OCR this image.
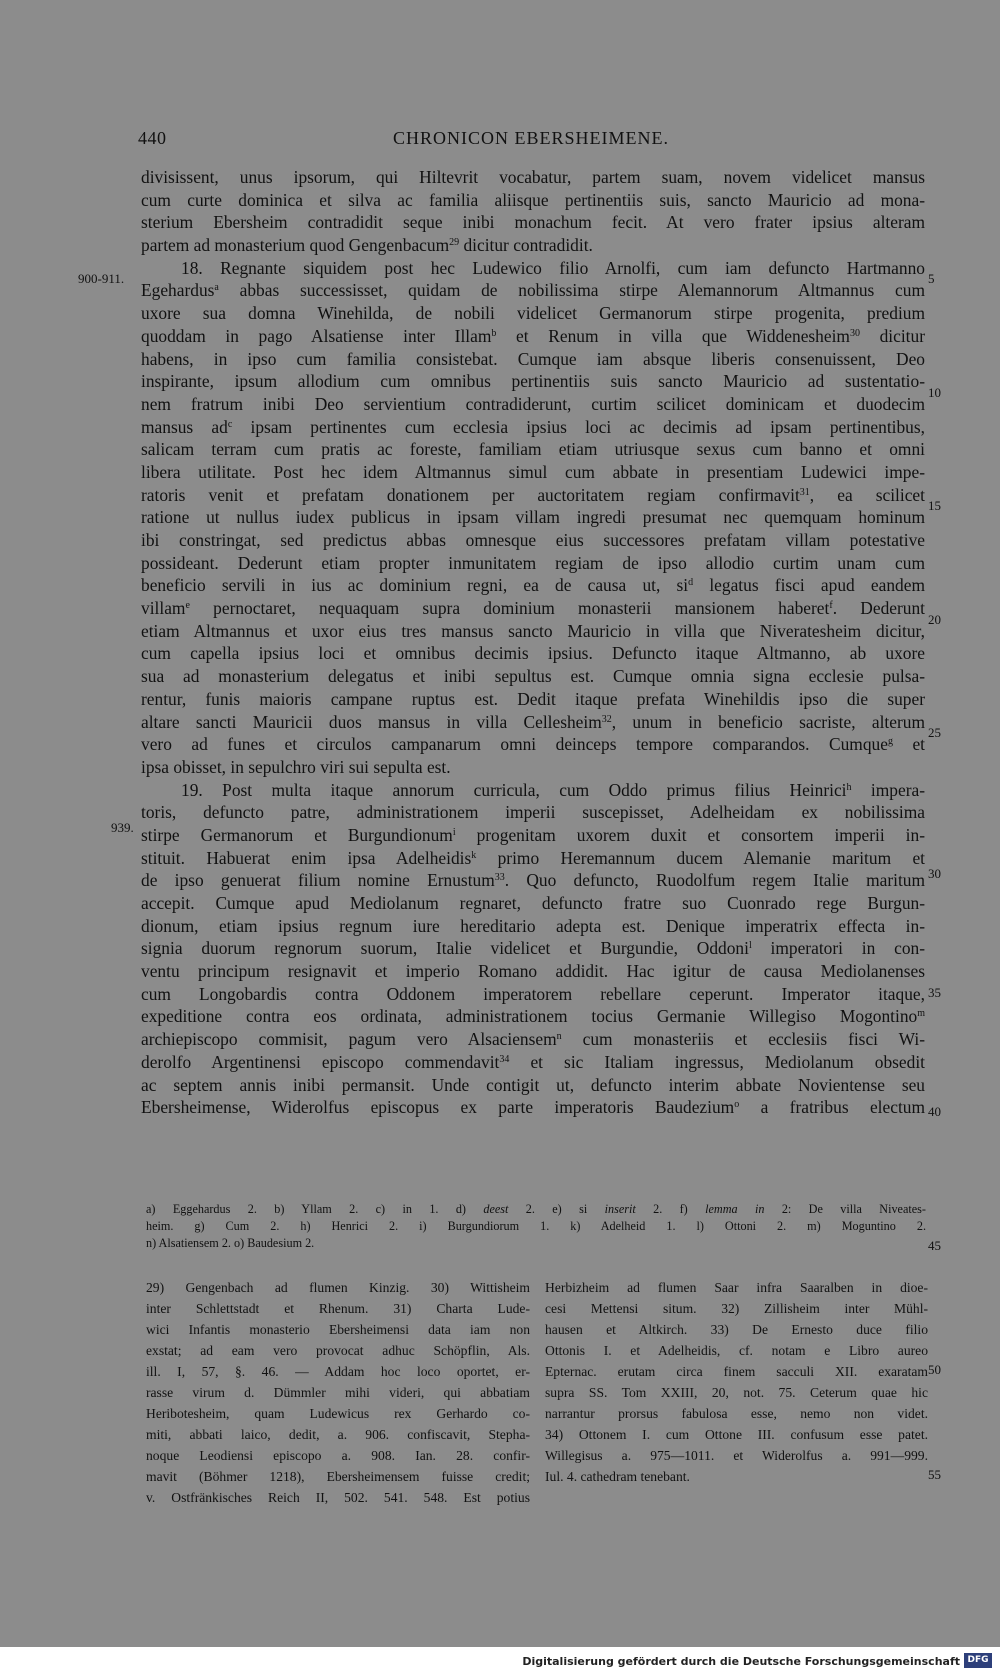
440	CHRONICON EBERSHEIMENE.
900-911.
939.
5
10
15
20
25
30
35
40
45
50
55
divisissent, unus ipsorum, qui Hiltevrit vocabatur, partem suam, novem videlicet mansus
cum curte dominica et silva ac familia aliisque pertinentiis suis, sancto Mauricio ad mona-
sterium Ebersheim contradidit seque inibi monachum fecit. At vero frater ipsius alteram
partem ad monasterium quod Gengenbacum$^{29}$ dicitur contradidit.
18. Regnante siquidem post hec Ludewico filio Arnolfi, cum iam defuncto Hartmanno
Egehardus$^a$ abbas successisset, quidam de nobilissima stirpe Alemannorum Altmannus cum
uxore sua domna Winehilda, de nobili videlicet Germanorum stirpe progenita, predium
quoddam in pago Alsatiense inter Illam$^b$ et Renum in villa que Widdenesheim$^{30}$ dicitur
habens, in ipso cum familia consistebat. Cumque iam absque liberis consenuissent, Deo
inspirante, ipsum allodium cum omnibus pertinentiis suis sancto Mauricio ad sustentatio-
nem fratrum inibi Deo servientium contradiderunt, curtim scilicet dominicam et duodecim
mansus $ad^c$ ipsam pertinentes cum ecclesia ipsius loci ac decimis ad ipsam pertinentibus,
salicam terram cum pratis ac foreste, familiam etiam utriusque sexus cum banno et omni
libera utilitate. Post hec idem Altmannus simul cum abbate in presentiam Ludewici impe-
ratoris venit et prefatam donationem per auctoritatem regiam confirmavit$^{31}$, ea scilicet
ratione ut nullus iudex publicus in ipsam villam ingredi presumat nec quemquam hominum
ibi constringat, sed predictus abbas omnesque eius successores prefatam villam potestative
possideant. Dederunt etiam propter inmunitatem regiam de ipso allodio curtim unam cum
beneficio servili in ius ac dominium regni, ea de causa ut, $si^d$ legatus fisci apud eandem
villam$^e$ pernoctaret, nequaquam supra dominium monasterii mansionem haberet$^f$. Dederunt
etiam Altmannus et uxor eius tres mansus sancto Mauricio in villa que Niveratesheim dicitur,
cum capella ipsius loci et omnibus decimis ipsius. Defuncto itaque Altmanno, ab uxore
sua ad monasterium delegatus et inibi sepultus est. Cumque omnia signa ecclesie pulsa-
rentur, funis maioris campane ruptus est. Dedit itaque prefata Winehildis ipso die super
altare sancti Mauricii duos mansus in villa Cellesheim$^{32}$, unum in beneficio sacriste, alterum
vero ad funes et circulos campanarum omni deinceps tempore comparandos. Cumque$^g$ et
ipsa obisset, in sepulchro viri sui sepulta est.
19. Post multa itaque annorum curricula, cum Oddo primus filius Heinrici$^h$ impera-
toris, defuncto patre, administrationem imperii suscepisset, Adelheidam ex nobilissima
stirpe Germanorum et Burgundionum$^i$ progenitam uxorem duxit et consortem imperii in-
stituit. Habuerat enim ipsa Adelheidis$^k$ primo Heremannum ducem Alemanie maritum et
de ipso genuerat filium nomine Ernustum$^{33}$. Quo defuncto, Ruodolfum regem Italie maritum
accepit. Cumque apud Mediolanum regnaret, defuncto fratre suo Cuonrado rege Burgun-
dionum, etiam ipsius regnum iure hereditario adepta est. Denique imperatrix effecta in-
signia duorum regnorum suorum, Italie videlicet et Burgundie, Oddoni$^l$ imperatori in con-
ventu principum resignavit et imperio Romano addidit. Hac igitur de causa Mediolanenses
cum Longobardis contra Oddonem imperatorem rebellare ceperunt. Imperator itaque,
expeditione contra eos ordinata, administrationem tocius Germanie Willegiso Mogontino$^m$
archiepiscopo commisit, pagum vero Alsaciensem$^n$ cum monasteriis et ecclesiis fisci Wi-
derolfo Argentinensi episcopo commendavit$^{34}$ et sic Italiam ingressus, Mediolanum obsedit
ac septem annis inibi permansit. Unde contigit ut, defuncto interim abbate Novientense seu
Ebersheimense, Widerolfus episcopus ex parte imperatoris Baudezium$^o$ a fratribus electum
a) Eggehardus 2. b) Yllam 2. c) in 1. d) deest 2. e) si inserit 2. f) lemma in 2: De villa Niveates-
heim. g) Cum 2. h) Henrici 2. i) Burgundiorum 1. k) Adelheid 1. l) Ottoni 2. m) Moguntino 2.
n) Alsatiensem 2. o) Baudesium 2.
29) Gengenbach ad flumen Kinzig. 30) Wittisheim
inter Schlettstadt et Rhenum. 31) Charta Lude-
wici Infantis monasterio Ebersheimensi data iam non
exstat; ad eam vero provocat adhuc Schöpflin, Als.
ill. I, 57, §. 46. — Addam hoc loco oportet, er-
rasse virum d. Dümmler mihi videri, qui abbatiam
Heribotesheim, quam Ludewicus rex Gerhardo co-
miti, abbati laico, dedit, a. 906. confiscavit, Stepha-
noque Leodiensi episcopo a. 908. Ian. 28. confir-
mavit (Böhmer 1218), Ebersheimensem fuisse credit;
v. Ostfränkisches Reich II, 502. 541. 548. Est potius
Herbizheim ad flumen Saar infra Saaralben in dioe-
cesi Mettensi situm. 32) Zillisheim inter Mühl-
hausen et Altkirch. 33) De Ernesto duce filio
Ottonis I. et Adelheidis, cf. notam e Libro aureo
Epternac. erutam circa finem sacculi XII. exaratam
supra SS. Tom XXIII, 20, not. 75. Ceterum quae hic
narrantur prorsus fabulosa esse, nemo non videt.
34) Ottonem I. cum Ottone III. confusum esse patet.
Willegisus a. 975—1011. et Widerolfus a. 991—999.
Iul. 4. cathedram tenebant.
Digitalisierung gefördert durch die Deutsche Forschungsgemeinschaft DFG
